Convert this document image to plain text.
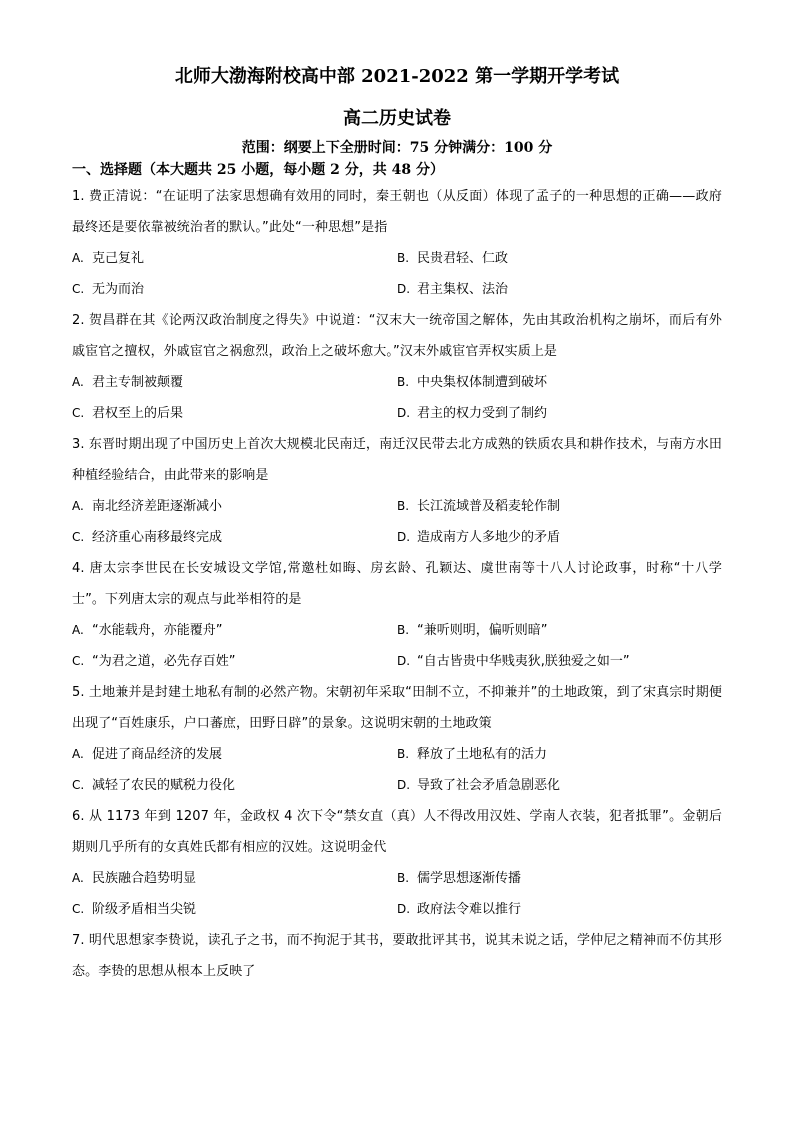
北师大渤海附校高中部 2021-2022 第一学期开学考试

高二历史试卷

范围：纲要上下全册时间：75 分钟满分：100 分

一、选择题（本大题共 25 小题，每小题 2 分，共 48 分）

1. 费正清说：“在证明了法家思想确有效用的同时，秦王朝也（从反面）体现了孟子的一种思想的正确——政府最终还是要依靠被统治者的默认。”此处“一种思想”是指

A. 克己复礼	B. 民贵君轻、仁政
C. 无为而治	D. 君主集权、法治

2. 贺昌群在其《论两汉政治制度之得失》中说道：“汉末大一统帝国之解体，先由其政治机构之崩坏，而后有外戚宦官之擅权，外戚宦官之祸愈烈，政治上之破坏愈大。”汉末外戚宦官弄权实质上是

A. 君主专制被颠覆	B. 中央集权体制遭到破坏
C. 君权至上的后果	D. 君主的权力受到了制约

3. 东晋时期出现了中国历史上首次大规模北民南迁，南迁汉民带去北方成熟的铁质农具和耕作技术，与南方水田种植经验结合，由此带来的影响是

A. 南北经济差距逐渐减小	B. 长江流域普及稻麦轮作制
C. 经济重心南移最终完成	D. 造成南方人多地少的矛盾

4. 唐太宗李世民在长安城设文学馆,常邀杜如晦、房玄龄、孔颖达、虞世南等十八人讨论政事，时称“十八学士”。下列唐太宗的观点与此举相符的是

A. “水能载舟，亦能覆舟”	B. “兼听则明，偏听则暗”
C. “为君之道，必先存百姓”	D. “自古皆贵中华贱夷狄,朕独爱之如一”

5. 土地兼并是封建土地私有制的必然产物。宋朝初年采取“田制不立，不抑兼并”的土地政策，到了宋真宗时期便出现了“百姓康乐，户口蕃庶，田野日辟”的景象。这说明宋朝的土地政策

A. 促进了商品经济的发展	B. 释放了土地私有的活力
C. 减轻了农民的赋税力役化	D. 导致了社会矛盾急剧恶化

6. 从 1173 年到 1207 年，金政权 4 次下令“禁女直（真）人不得改用汉姓、学南人衣装，犯者抵罪”。金朝后期则几乎所有的女真姓氏都有相应的汉姓。这说明金代

A. 民族融合趋势明显	B. 儒学思想逐渐传播
C. 阶级矛盾相当尖锐	D. 政府法令难以推行

7. 明代思想家李贽说，读孔子之书，而不拘泥于其书，要敢批评其书，说其未说之话，学仲尼之精神而不仿其形态。李贽的思想从根本上反映了
